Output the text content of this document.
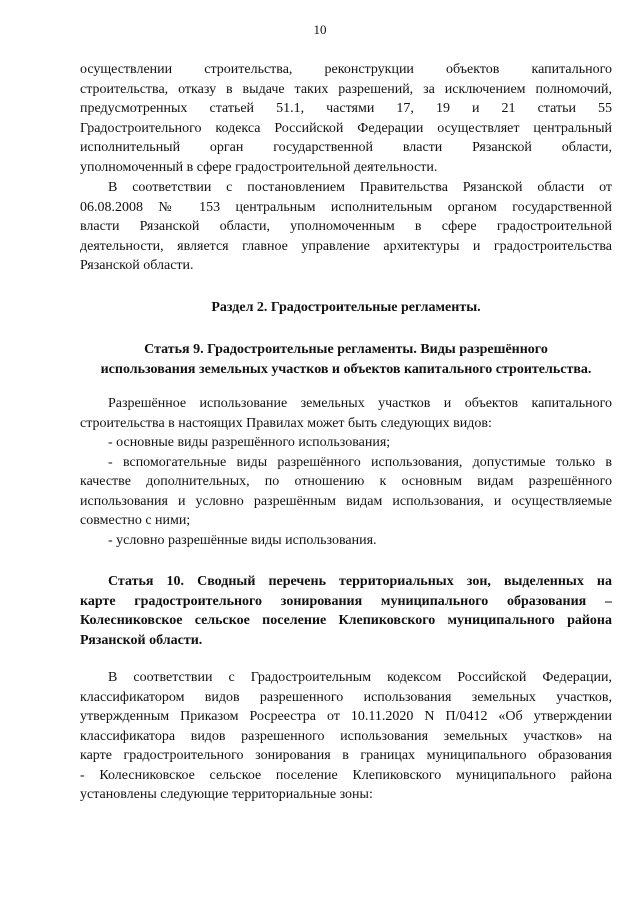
10
осуществлении строительства, реконструкции объектов капитального
строительства, отказу в выдаче таких разрешений, за исключением полномочий,
предусмотренных статьей 51.1, частями 17, 19 и 21 статьи 55
Градостроительного кодекса Российской Федерации осуществляет центральный
исполнительный орган государственной власти Рязанской области,
уполномоченный в сфере градостроительной деятельности.
В соответствии с постановлением Правительства Рязанской области от
06.08.2008 № 153 центральным исполнительным органом государственной
власти Рязанской области, уполномоченным в сфере градостроительной
деятельности, является главное управление архитектуры и градостроительства
Рязанской области.
Раздел 2. Градостроительные регламенты.
Статья 9. Градостроительные регламенты. Виды разрешённого
использования земельных участков и объектов капитального строительства.
Разрешённое использование земельных участков и объектов капитального
строительства в настоящих Правилах может быть следующих видов:
- основные виды разрешённого использования;
- вспомогательные виды разрешённого использования, допустимые только в
качестве дополнительных, по отношению к основным видам разрешённого
использования и условно разрешённым видам использования, и осуществляемые
совместно с ними;
- условно разрешённые виды использования.
Статья 10. Сводный перечень территориальных зон, выделенных на
карте градостроительного зонирования муниципального образования –
Колесниковское сельское поселение Клепиковского муниципального района
Рязанской области.
В соответствии с Градостроительным кодексом Российской Федерации,
классификатором видов разрешенного использования земельных участков,
утвержденным Приказом Росреестра от 10.11.2020 N П/0412 «Об утверждении
классификатора видов разрешенного использования земельных участков» на
карте градостроительного зонирования в границах муниципального образования
- Колесниковское сельское поселение Клепиковского муниципального района
установлены следующие территориальные зоны:
